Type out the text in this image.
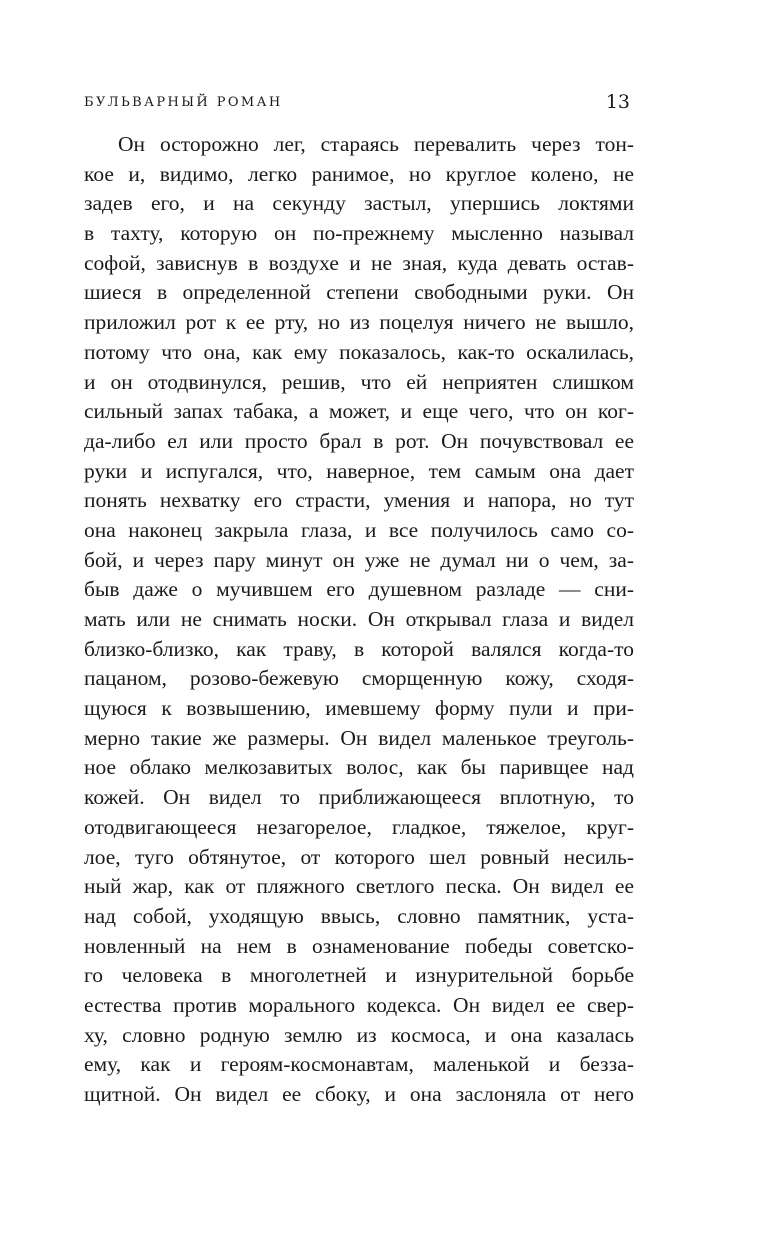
БУЛЬВАРНЫЙ РОМАН	13
Он осторожно лег, стараясь перевалить через тон-
кое и, видимо, легко ранимое, но круглое колено, не
задев его, и на секунду застыл, упершись локтями
в тахту, которую он по-прежнему мысленно называл
софой, зависнув в воздухе и не зная, куда девать остав-
шиеся в определенной степени свободными руки. Он
приложил рот к ее рту, но из поцелуя ничего не вышло,
потому что она, как ему показалось, как-то оскалилась,
и он отодвинулся, решив, что ей неприятен слишком
сильный запах табака, а может, и еще чего, что он ког-
да-либо ел или просто брал в рот. Он почувствовал ее
руки и испугался, что, наверное, тем самым она дает
понять нехватку его страсти, умения и напора, но тут
она наконец закрыла глаза, и все получилось само со-
бой, и через пару минут он уже не думал ни о чем, за-
быв даже о мучившем его душевном разладе — сни-
мать или не снимать носки. Он открывал глаза и видел
близко-близко, как траву, в которой валялся когда-то
пацаном, розово-бежевую сморщенную кожу, сходя-
щуюся к возвышению, имевшему форму пули и при-
мерно такие же размеры. Он видел маленькое треуголь-
ное облако мелкозавитых волос, как бы паривщее над
кожей. Он видел то приближающееся вплотную, то
отодвигающееся незагорелое, гладкое, тяжелое, круг-
лое, туго обтянутое, от которого шел ровный несиль-
ный жар, как от пляжного светлого песка. Он видел ее
над собой, уходящую ввысь, словно памятник, уста-
новленный на нем в ознаменование победы советско-
го человека в многолетней и изнурительной борьбе
естества против морального кодекса. Он видел ее свер-
ху, словно родную землю из космоса, и она казалась
ему, как и героям-космонавтам, маленькой и безза-
щитной. Он видел ее сбоку, и она заслоняла от него
